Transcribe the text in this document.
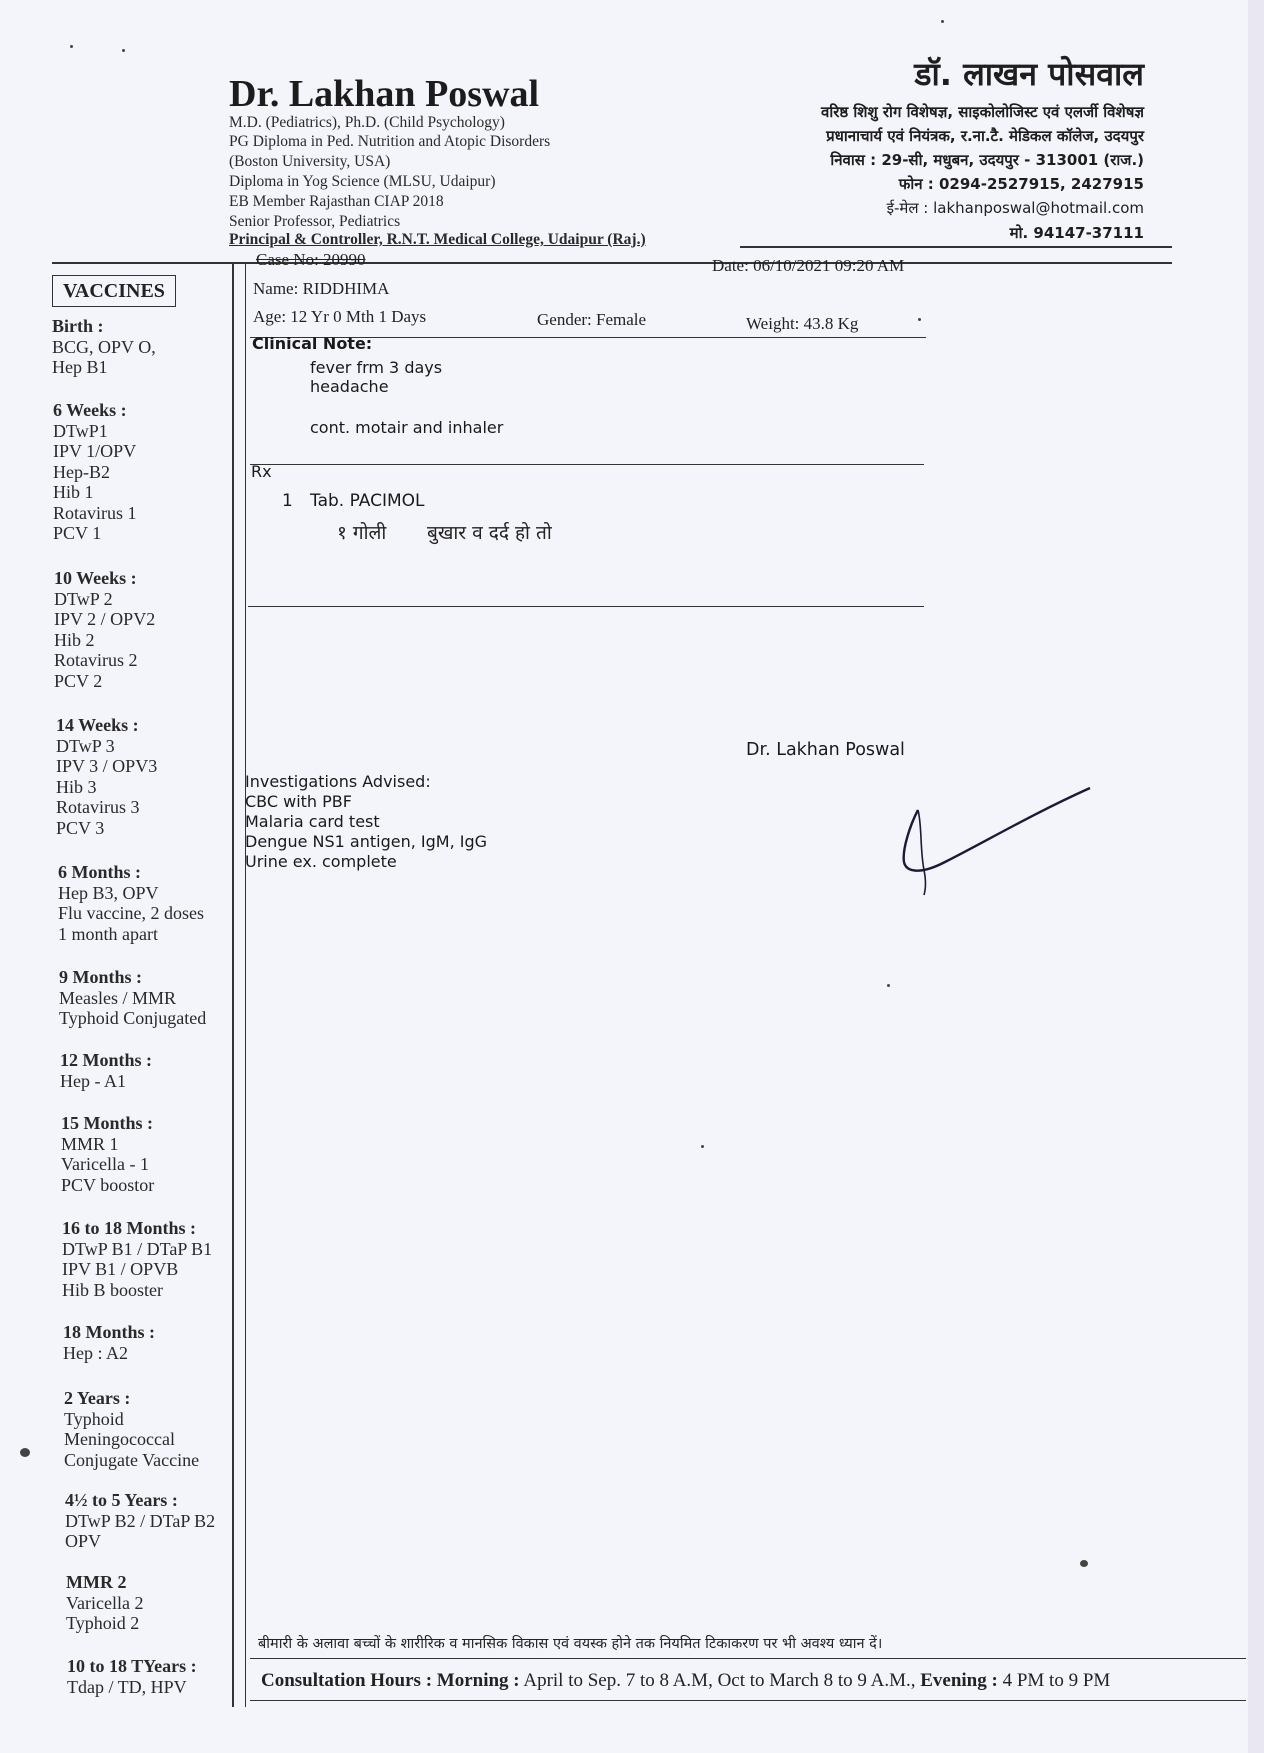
Dr. Lakhan Poswal
M.D. (Pediatrics), Ph.D. (Child Psychology)
PG Diploma in Ped. Nutrition and Atopic Disorders
(Boston University, USA)
Diploma in Yog Science (MLSU, Udaipur)
EB Member Rajasthan CIAP 2018
Senior Professor, Pediatrics
Principal & Controller, R.N.T. Medical College, Udaipur (Raj.)
डॉ. लाखन पोसवाल
वरिष्ठ शिशु रोग विशेषज्ञ, साइकोलोजिस्ट एवं एलर्जी विशेषज्ञ
प्रधानाचार्य एवं नियंत्रक, र.ना.टै. मेडिकल कॉलेज, उदयपुर
निवास : 29-सी, मधुबन, उदयपुर - 313001 (राज.)
फोन : 0294-2527915, 2427915
ई-मेल : lakhanposwal@hotmail.com
मो. 94147-37111
VACCINES
Birth :
BCG, OPV O,
Hep B1
6 Weeks :
DTwP1
IPV 1/OPV
Hep-B2
Hib 1
Rotavirus 1
PCV 1
10 Weeks :
DTwP 2
IPV 2 / OPV2
Hib 2
Rotavirus 2
PCV 2
14 Weeks :
DTwP 3
IPV 3 / OPV3
Hib 3
Rotavirus 3
PCV 3
6 Months :
Hep B3, OPV
Flu vaccine, 2 doses
1 month apart
9 Months :
Measles / MMR
Typhoid Conjugated
12 Months :
Hep - A1
15 Months :
MMR 1
Varicella - 1
PCV boostor
16 to 18 Months :
DTwP B1 / DTaP B1
IPV B1 / OPVB
Hib B booster
18 Months :
Hep : A2
2 Years :
Typhoid
Meningococcal
Conjugate Vaccine
4½ to 5 Years :
DTwP B2 / DTaP B2
OPV
MMR 2
Varicella 2
Typhoid 2
10 to 18 TYears :
Tdap / TD, HPV
Case No: 20990	Date: 06/10/2021 09:20 AM
Name: RIDDHIMA
Age: 12 Yr 0 Mth 1 Days	Gender: Female	Weight: 43.8 Kg
Clinical Note:
fever frm 3 days
headache
cont. motair and inhaler
Rx
1 Tab. PACIMOL
१ गोली बुखार व दर्द हो तो
Dr. Lakhan Poswal
Investigations Advised:
CBC with PBF
Malaria card test
Dengue NS1 antigen, IgM, IgG
Urine ex. complete
बीमारी के अलावा बच्चों के शारीरिक व मानसिक विकास एवं वयस्क होने तक नियमित टिकाकरण पर भी अवश्य ध्यान दें।
Consultation Hours : Morning : April to Sep. 7 to 8 A.M, Oct to March 8 to 9 A.M., Evening : 4 PM to 9 PM
